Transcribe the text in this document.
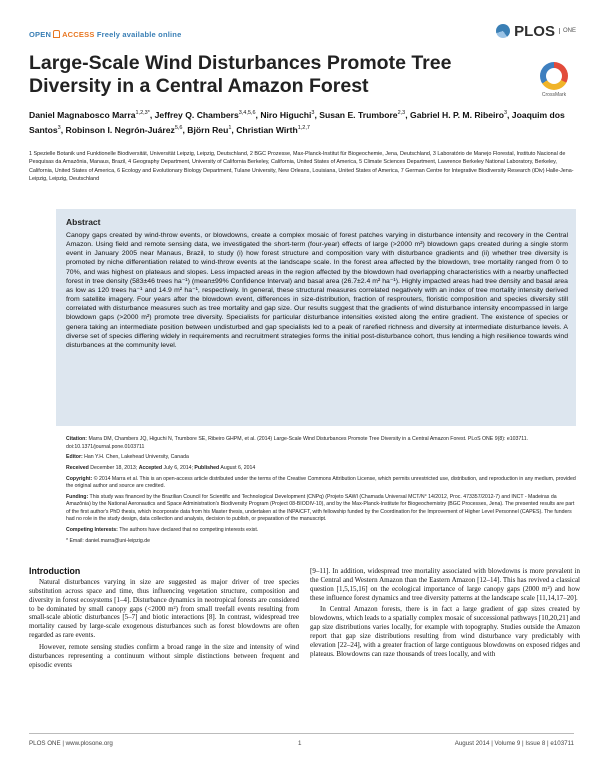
OPEN ACCESS Freely available online	PLOS	ONE
Large-Scale Wind Disturbances Promote Tree Diversity in a Central Amazon Forest	CrossMark
Daniel Magnabosco Marra$^{1,2,3*}$, Jeffrey Q. Chambers$^{3,4,5,6}$, Niro Higuchi$^3$, Susan E. Trumbore$^{2,3}$, Gabriel H. P. M. Ribeiro$^3$, Joaquim dos Santos$^3$, Robinson I. Negrón-Juárez$^{5,6}$, Björn Reu$^1$, Christian Wirth$^{1,2,7}$
1 Spezielle Botanik und Funktionelle Biodiversität, Universität Leipzig, Leipzig, Deutschland, 2 BGC Prozesse, Max-Planck-Institut für Biogeochemie, Jena, Deutschland, 3 Laboratório de Manejo Florestal, Instituto Nacional de Pesquisas da Amazônia, Manaus, Brazil, 4 Geography Department, University of California Berkeley, California, United States of America, 5 Climate Sciences Department, Lawrence Berkeley National Laboratory, Berkeley, California, United States of America, 6 Ecology and Evolutionary Biology Department, Tulane University, New Orleans, Louisiana, United States of America, 7 German Centre for Integrative Biodiversity Research (iDiv) Halle-Jena-Leipzig, Leipzig, Deutschland
Abstract
Canopy gaps created by wind-throw events, or blowdowns, create a complex mosaic of forest patches varying in disturbance intensity and recovery in the Central Amazon. Using field and remote sensing data, we investigated the short-term (four-year) effects of large (>2000 m²) blowdown gaps created during a single storm event in January 2005 near Manaus, Brazil, to study (i) how forest structure and composition vary with disturbance gradients and (ii) whether tree diversity is promoted by niche differentiation related to wind-throw events at the landscape scale. In the forest area affected by the blowdown, tree mortality ranged from 0 to 70%, and was highest on plateaus and slopes. Less impacted areas in the region affected by the blowdown had overlapping characteristics with a nearby unaffected forest in tree density (583±46 trees ha⁻¹) (mean±99% Confidence Interval) and basal area (26.7±2.4 m² ha⁻¹). Highly impacted areas had tree density and basal area as low as 120 trees ha⁻¹ and 14.9 m² ha⁻¹, respectively. In general, these structural measures correlated negatively with an index of tree mortality intensity derived from satellite imagery. Four years after the blowdown event, differences in size-distribution, fraction of resprouters, floristic composition and species diversity still correlated with disturbance measures such as tree mortality and gap size. Our results suggest that the gradients of wind disturbance intensity encompassed in large blowdown gaps (>2000 m²) promote tree diversity. Specialists for particular disturbance intensities existed along the entire gradient. The existence of species or genera taking an intermediate position between undisturbed and gap specialists led to a peak of rarefied richness and diversity at intermediate disturbance levels. A diverse set of species differing widely in requirements and recruitment strategies forms the initial post-disturbance cohort, thus lending a high resilience towards wind disturbances at the community level.

Citation: Marra DM, Chambers JQ, Higuchi N, Trumbore SE, Ribeiro GHPM, et al. (2014) Large-Scale Wind Disturbances Promote Tree Diversity in a Central Amazon Forest. PLoS ONE 9(8): e103711. doi:10.1371/journal.pone.0103711

Editor: Han Y.H. Chen, Lakehead University, Canada

Received December 18, 2013; Accepted July 6, 2014; Published August 6, 2014

Copyright: © 2014 Marra et al. This is an open-access article distributed under the terms of the Creative Commons Attribution License, which permits unrestricted use, distribution, and reproduction in any medium, provided the original author and source are credited.

Funding: This study was financed by the Brazilian Council for Scientific and Technological Development (CNPq) (Projeto SAWI (Chamada Universal MCT/N° 14/2012, Proc. 473357/2012-7) and INCT - Madeiras da Amazônia) by the National Aeronautics and Space Administration's Biodiversity Program (Project 08-BIODIV-10), and by the Max-Planck-Institute for Biogeochemistry (BGC Processes, Jena). The presented results are part of the first author's PhD thesis, which incorporate data from his Master thesis, undertaken at the INPA/CFT, with fellowship funded by the Coordination for the Improvement of Higher Level Personnel (CAPES). The funders had no role in the study design, data collection and analysis, decision to publish, or preparation of the manuscript.

Competing Interests: The authors have declared that no competing interests exist.

* Email: daniel.marra@uni-leipzig.de

Introduction

Natural disturbances varying in size are suggested as major driver of tree species substitution across space and time, thus influencing vegetation structure, composition and diversity in forest ecosystems [1–4]. Disturbance dynamics in neotropical forests are considered to be dominated by small canopy gaps (<2000 m²) from small treefall events resulting from small-scale abiotic disturbances [5–7] and biotic interactions [8]. In contrast, widespread tree mortality caused by large-scale exogenous disturbances such as forest blowdowns are often regarded as rare events.

However, remote sensing studies confirm a broad range in the size and intensity of wind disturbances representing a continuum without simple distinctions between frequent and episodic events

[9–11]. In addition, widespread tree mortality associated with blowdowns is more prevalent in the Central and Western Amazon than the Eastern Amazon [12–14]. This has revived a classical question [1,5,15,16] on the ecological importance of large canopy gaps (2000 m²) and how these influence forest dynamics and tree diversity patterns at the landscape scale [11,14,17–20].

In Central Amazon forests, there is in fact a large gradient of gap sizes created by blowdowns, which leads to a spatially complex mosaic of successional pathways [10,20,21] and gap size distributions varies locally, for example with topography. Studies outside the Amazon report that gap size distributions resulting from wind disturbance vary predictably with elevation [22–24], with a greater fraction of large contiguous blowdowns on exposed ridges and plateaus. Blowdowns can raze thousands of trees locally, and with

PLOS ONE | www.plosone.org	1	August 2014 | Volume 9 | Issue 8 | e103711
